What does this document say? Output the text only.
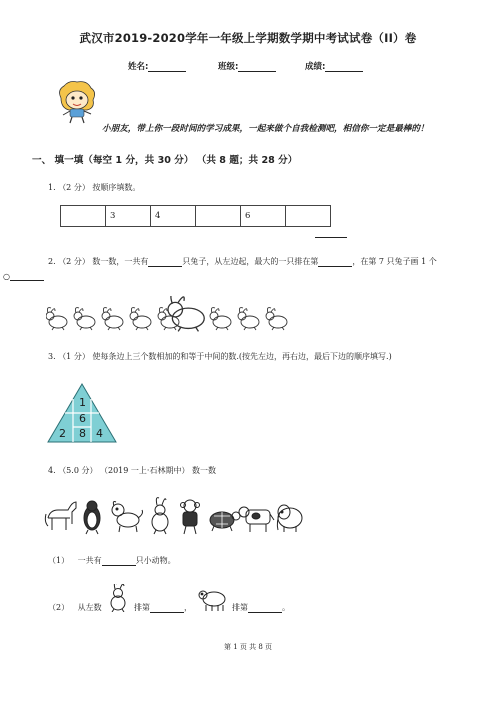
武汉市2019-2020学年一年级上学期数学期中考试试卷（II）卷
姓名:	班级:	成绩:
小朋友，带上你一段时间的学习成果，一起来做个自我检测吧，相信你一定是最棒的！
一、 填一填（每空 1 分，共 30 分） （共 8 题；共 28 分）
1. （2 分） 按顺序填数。
	3	4		6	
2. （2 分） 数一数，一共有	只兔子，从左边起，最大的一只排在第	，在第 7 只兔子画 1 个
○
3. （1 分） 使每条边上三个数相加的和等于中间的数.(按先左边，再右边，最后下边的顺序填写.)
1
6
8
2	4
4. （5.0 分） （2019 一上·石林期中） 数一数
（1） 一共有	只小动物。
（2） 从左数	排第	，	排第	。
第 1 页 共 8 页
